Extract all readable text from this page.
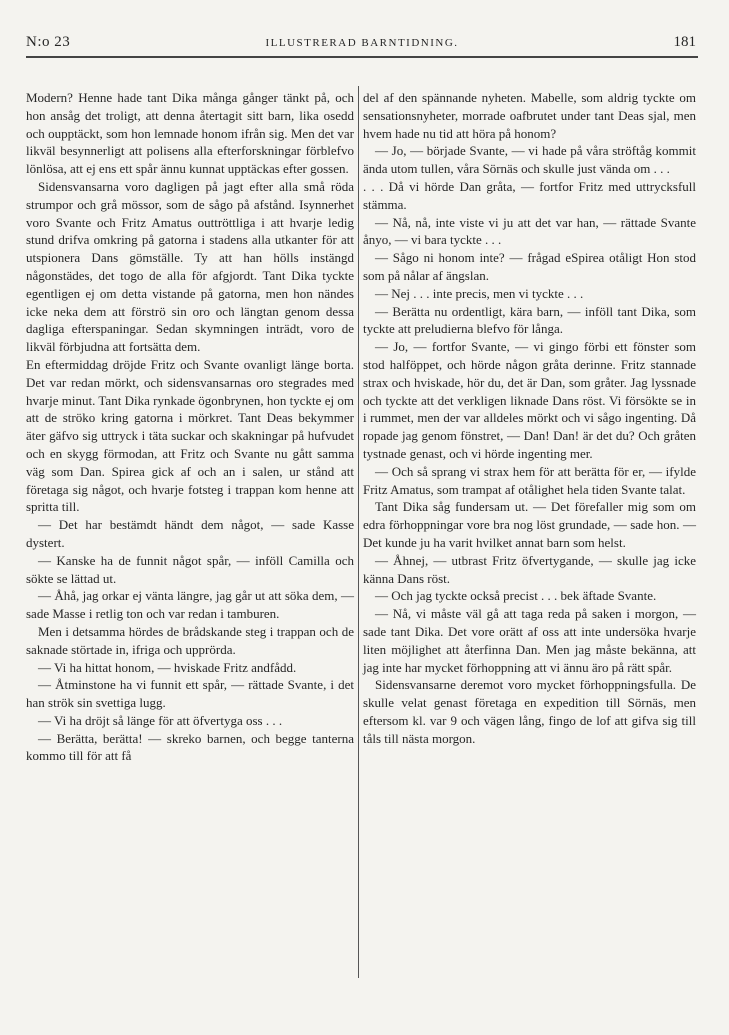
N:o 23	ILLUSTRERAD BARNTIDNING.	181

Modern? Henne hade tant Dika många gånger tänkt på, och hon ansåg det troligt, att denna återtagit sitt barn, lika osedd och oupptäckt, som hon lemnade honom ifrån sig. Men det var likväl besynnerligt att polisens alla efterforskningar förblefvo lönlösa, att ej ens ett spår ännu kunnat upptäckas efter gossen.

Sidensvansarna voro dagligen på jagt efter alla små röda strumpor och grå mössor, som de sågo på afstånd. Isynnerhet voro Svante och Fritz Amatus outtröttliga i att hvarje ledig stund drifva omkring på gatorna i stadens alla utkanter för att utspionera Dans gömställe. Ty att han hölls instängd någonstädes, det togo de alla för afgjordt. Tant Dika tyckte egentligen ej om detta vistande på gatorna, men hon nändes icke neka dem att förströ sin oro och längtan genom dessa dagliga efterspaningar. Sedan skymningen inträdt, voro de likväl förbjudna att fortsätta dem.

En eftermiddag dröjde Fritz och Svante ovanligt länge borta. Det var redan mörkt, och sidensvansarnas oro stegrades med hvarje minut. Tant Dika rynkade ögonbrynen, hon tyckte ej om att de ströko kring gatorna i mörkret. Tant Deas bekymmer äter gäfvo sig uttryck i täta suckar och skakningar på hufvudet och en skygg förmodan, att Fritz och Svante nu gått samma väg som Dan. Spirea gick af och an i salen, ur stånd att företaga sig något, och hvarje fotsteg i trappan kom henne att spritta till.

— Det har bestämdt händt dem något, — sade Kasse dystert.

— Kanske ha de funnit något spår, — inföll Camilla och sökte se lättad ut.

— Åhå, jag orkar ej vänta längre, jag går ut att söka dem, — sade Masse i retlig ton och var redan i tamburen.

Men i detsamma hördes de brådskande steg i trappan och de saknade störtade in, ifriga och upprörda.

— Vi ha hittat honom, — hviskade Fritz andfådd.

— Åtminstone ha vi funnit ett spår, — rättade Svante, i det han strök sin svettiga lugg.

— Vi ha dröjt så länge för att öfvertyga oss . . .

— Berätta, berätta! — skreko barnen, och begge tanterna kommo till för att få

del af den spännande nyheten. Mabelle, som aldrig tyckte om sensationsnyheter, morrade oafbrutet under tant Deas sjal, men hvem hade nu tid att höra på honom?

— Jo, — började Svante, — vi hade på våra ströftåg kommit ända utom tullen, våra Sörnäs och skulle just vända om . . .

. . . Då vi hörde Dan gråta, — fortfor Fritz med uttrycksfull stämma.

— Nå, nå, inte viste vi ju att det var han, — rättade Svante ånyo, — vi bara tyckte . . .

— Sågo ni honom inte? — frågad eSpirea otåligt Hon stod som på nålar af ängslan.

— Nej . . . inte precis, men vi tyckte . . .

— Berätta nu ordentligt, kära barn, — inföll tant Dika, som tyckte att preludierna blefvo för långa.

— Jo, — fortfor Svante, — vi gingo förbi ett fönster som stod halföppet, och hörde någon gråta derinne. Fritz stannade strax och hviskade, hör du, det är Dan, som gråter. Jag lyssnade och tyckte att det verkligen liknade Dans röst. Vi försökte se in i rummet, men der var alldeles mörkt och vi sågo ingenting. Då ropade jag genom fönstret, — Dan! Dan! är det du? Och gråten tystnade genast, och vi hörde ingenting mer.

— Och så sprang vi strax hem för att berätta för er, — ifylde Fritz Amatus, som trampat af otålighet hela tiden Svante talat.

Tant Dika såg fundersam ut. — Det förefaller mig som om edra förhoppningar vore bra nog löst grundade, — sade hon. — Det kunde ju ha varit hvilket annat barn som helst.

— Åhnej, — utbrast Fritz öfvertygande, — skulle jag icke känna Dans röst.

— Och jag tyckte också precist . . . bek äftade Svante.

— Nå, vi måste väl gå att taga reda på saken i morgon, — sade tant Dika. Det vore orätt af oss att inte undersöka hvarje liten möjlighet att återfinna Dan. Men jag måste bekänna, att jag inte har mycket förhoppning att vi ännu äro på rätt spår.

Sidensvansarne deremot voro mycket förhoppningsfulla. De skulle velat genast företaga en expedition till Sörnäs, men eftersom kl. var 9 och vägen lång, fingo de lof att gifva sig till tåls till nästa morgon.
